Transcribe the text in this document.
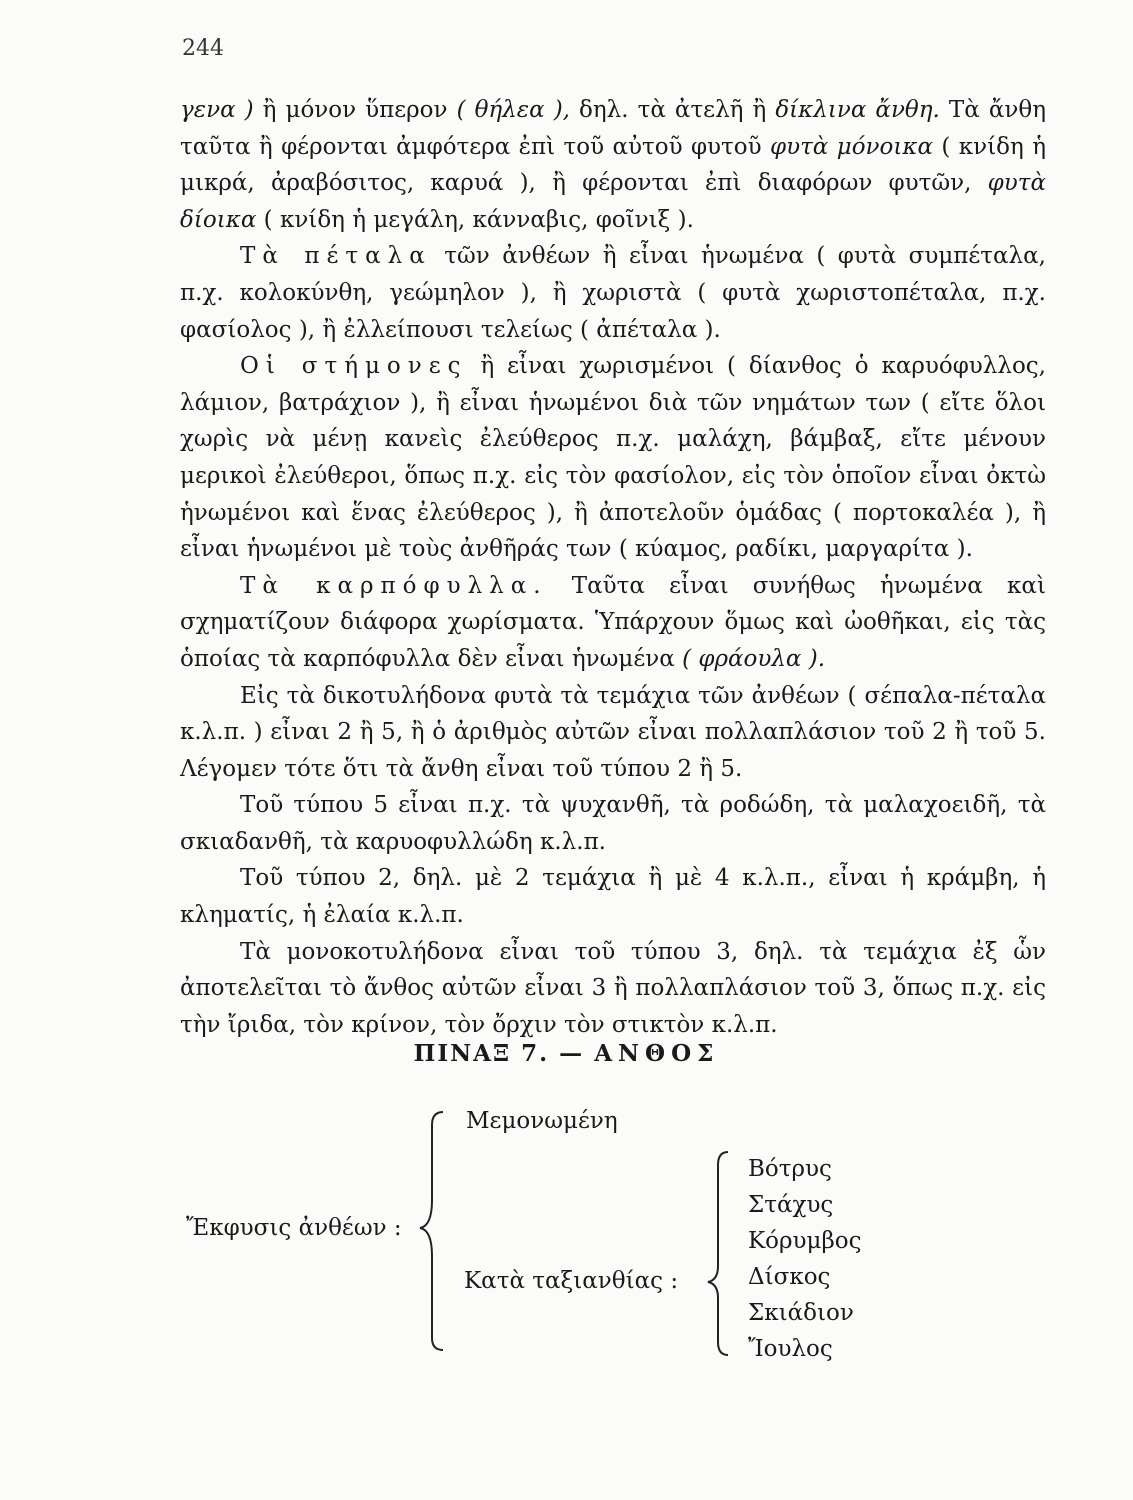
244

γενα ) ἢ μόνον ὕπερον ( θήλεα ), δηλ. τὰ ἀτελῆ ἢ δίκλινα ἄνθη. Τὰ ἄνθη ταῦτα ἢ φέρονται ἀμφότερα ἐπὶ τοῦ αὐτοῦ φυτοῦ φυτὰ μόνοικα ( κνίδη ἡ μικρά, ἀραβόσιτος, καρυά ), ἢ φέρονται ἐπὶ διαφόρων φυτῶν, φυτὰ δίοικα ( κνίδη ἡ μεγάλη, κάνναβις, φοῖνιξ ).

Τὰ πέταλα τῶν ἀνθέων ἢ εἶναι ἡνωμένα ( φυτὰ συμπέταλα, π.χ. κολοκύνθη, γεώμηλον ), ἢ χωριστὰ ( φυτὰ χωριστοπέταλα, π.χ. φασίολος ), ἢ ἐλλείπουσι τελείως ( ἀπέταλα ).

Οἱ στήμονες ἢ εἶναι χωρισμένοι ( δίανθος ὁ καρυόφυλλος, λάμιον, βατράχιον ), ἢ εἶναι ἡνωμένοι διὰ τῶν νημάτων των ( εἴτε ὅλοι χωρὶς νὰ μένῃ κανεὶς ἐλεύθερος π.χ. μαλάχη, βάμβαξ, εἴτε μένουν μερικοὶ ἐλεύθεροι, ὅπως π.χ. εἰς τὸν φασίολον, εἰς τὸν ὁποῖον εἶναι ὀκτὼ ἡνωμένοι καὶ ἕνας ἐλεύθερος ), ἢ ἀποτελοῦν ὁμάδας ( πορτοκαλέα ), ἢ εἶναι ἡνωμένοι μὲ τοὺς ἀνθῆράς των ( κύαμος, ραδίκι, μαργαρίτα ).

Τὰ καρπόφυλλα. Ταῦτα εἶναι συνήθως ἡνωμένα καὶ σχηματίζουν διάφορα χωρίσματα. Ὑπάρχουν ὅμως καὶ ὠοθῆκαι, εἰς τὰς ὁποίας τὰ καρπόφυλλα δὲν εἶναι ἡνωμένα ( φράουλα ).

Εἰς τὰ δικοτυλήδονα φυτὰ τὰ τεμάχια τῶν ἀνθέων ( σέπαλα-πέταλα κ.λ.π. ) εἶναι 2 ἢ 5, ἢ ὁ ἀριθμὸς αὐτῶν εἶναι πολλαπλάσιον τοῦ 2 ἢ τοῦ 5. Λέγομεν τότε ὅτι τὰ ἄνθη εἶναι τοῦ τύπου 2 ἢ 5.

Τοῦ τύπου 5 εἶναι π.χ. τὰ ψυχανθῆ, τὰ ροδώδη, τὰ μαλαχοειδῆ, τὰ σκιαδανθῆ, τὰ καρυοφυλλώδη κ.λ.π.

Τοῦ τύπου 2, δηλ. μὲ 2 τεμάχια ἢ μὲ 4 κ.λ.π., εἶναι ἡ κράμβη, ἡ κληματίς, ἡ ἐλαία κ.λ.π.

Τὰ μονοκοτυλήδονα εἶναι τοῦ τύπου 3, δηλ. τὰ τεμάχια ἐξ ὧν ἀποτελεῖται τὸ ἄνθος αὐτῶν εἶναι 3 ἢ πολλαπλάσιον τοῦ 3, ὅπως π.χ. εἰς τὴν ἴριδα, τὸν κρίνον, τὸν ὄρχιν τὸν στικτὸν κ.λ.π.

ΠΙΝΑΞ 7. — ΑΝΘΟΣ
Μεμονωμένη
Ἔκφυσις ἀνθέων :
Κατὰ ταξιανθίας :
Βότρυς
Στάχυς
Κόρυμβος
Δίσκος
Σκιάδιον
Ἴουλος
